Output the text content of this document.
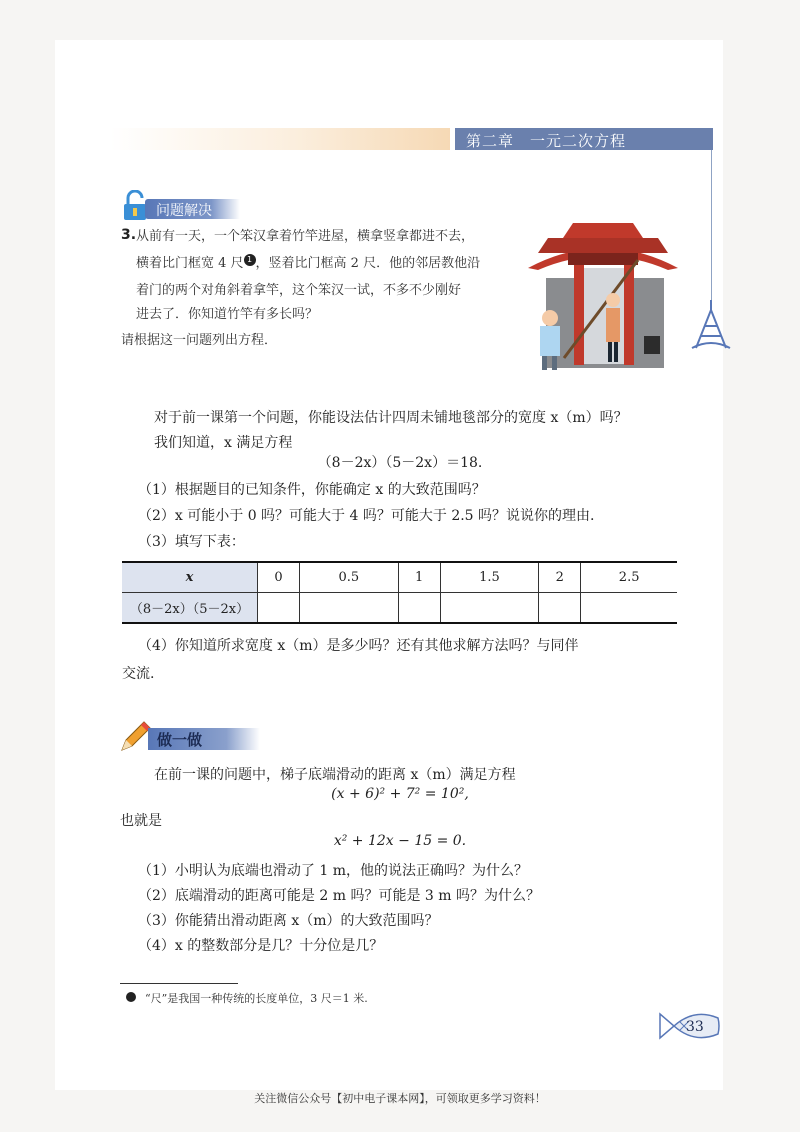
第二章　一元二次方程
问题解决
3. 从前有一天，一个笨汉拿着竹竿进屋，横拿竖拿都进不去，
横着比门框宽 4 尺 1 ，竖着比门框高 2 尺．他的邻居教他沿
着门的两个对角斜着拿竿，这个笨汉一试，不多不少刚好
进去了．你知道竹竿有多长吗？
请根据这一问题列出方程．
对于前一课第一个问题，你能设法估计四周未铺地毯部分的宽度 x（m）吗？
我们知道，x 满足方程
（8－2x）（5－2x）＝18.
（1）根据题目的已知条件，你能确定 x 的大致范围吗？
（2）x 可能小于 0 吗？可能大于 4 吗？可能大于 2.5 吗？说说你的理由.
（3）填写下表：
x	0	0.5	1	1.5	2	2.5
（8－2x）（5－2x）						
（4）你知道所求宽度 x（m）是多少吗？还有其他求解方法吗？与同伴
交流.
做一做
在前一课的问题中，梯子底端滑动的距离 x（m）满足方程
(x + 6)² + 7² = 10²,
也就是
x² + 12x − 15 = 0.
（1）小明认为底端也滑动了 1 m，他的说法正确吗？为什么？
（2）底端滑动的距离可能是 2 m 吗？可能是 3 m 吗？为什么？
（3）你能猜出滑动距离 x（m）的大致范围吗？
（4）x 的整数部分是几？十分位是几？
“尺”是我国一种传统的长度单位，3 尺＝1 米.
33
关注微信公众号【初中电子课本网】，可领取更多学习资料！
